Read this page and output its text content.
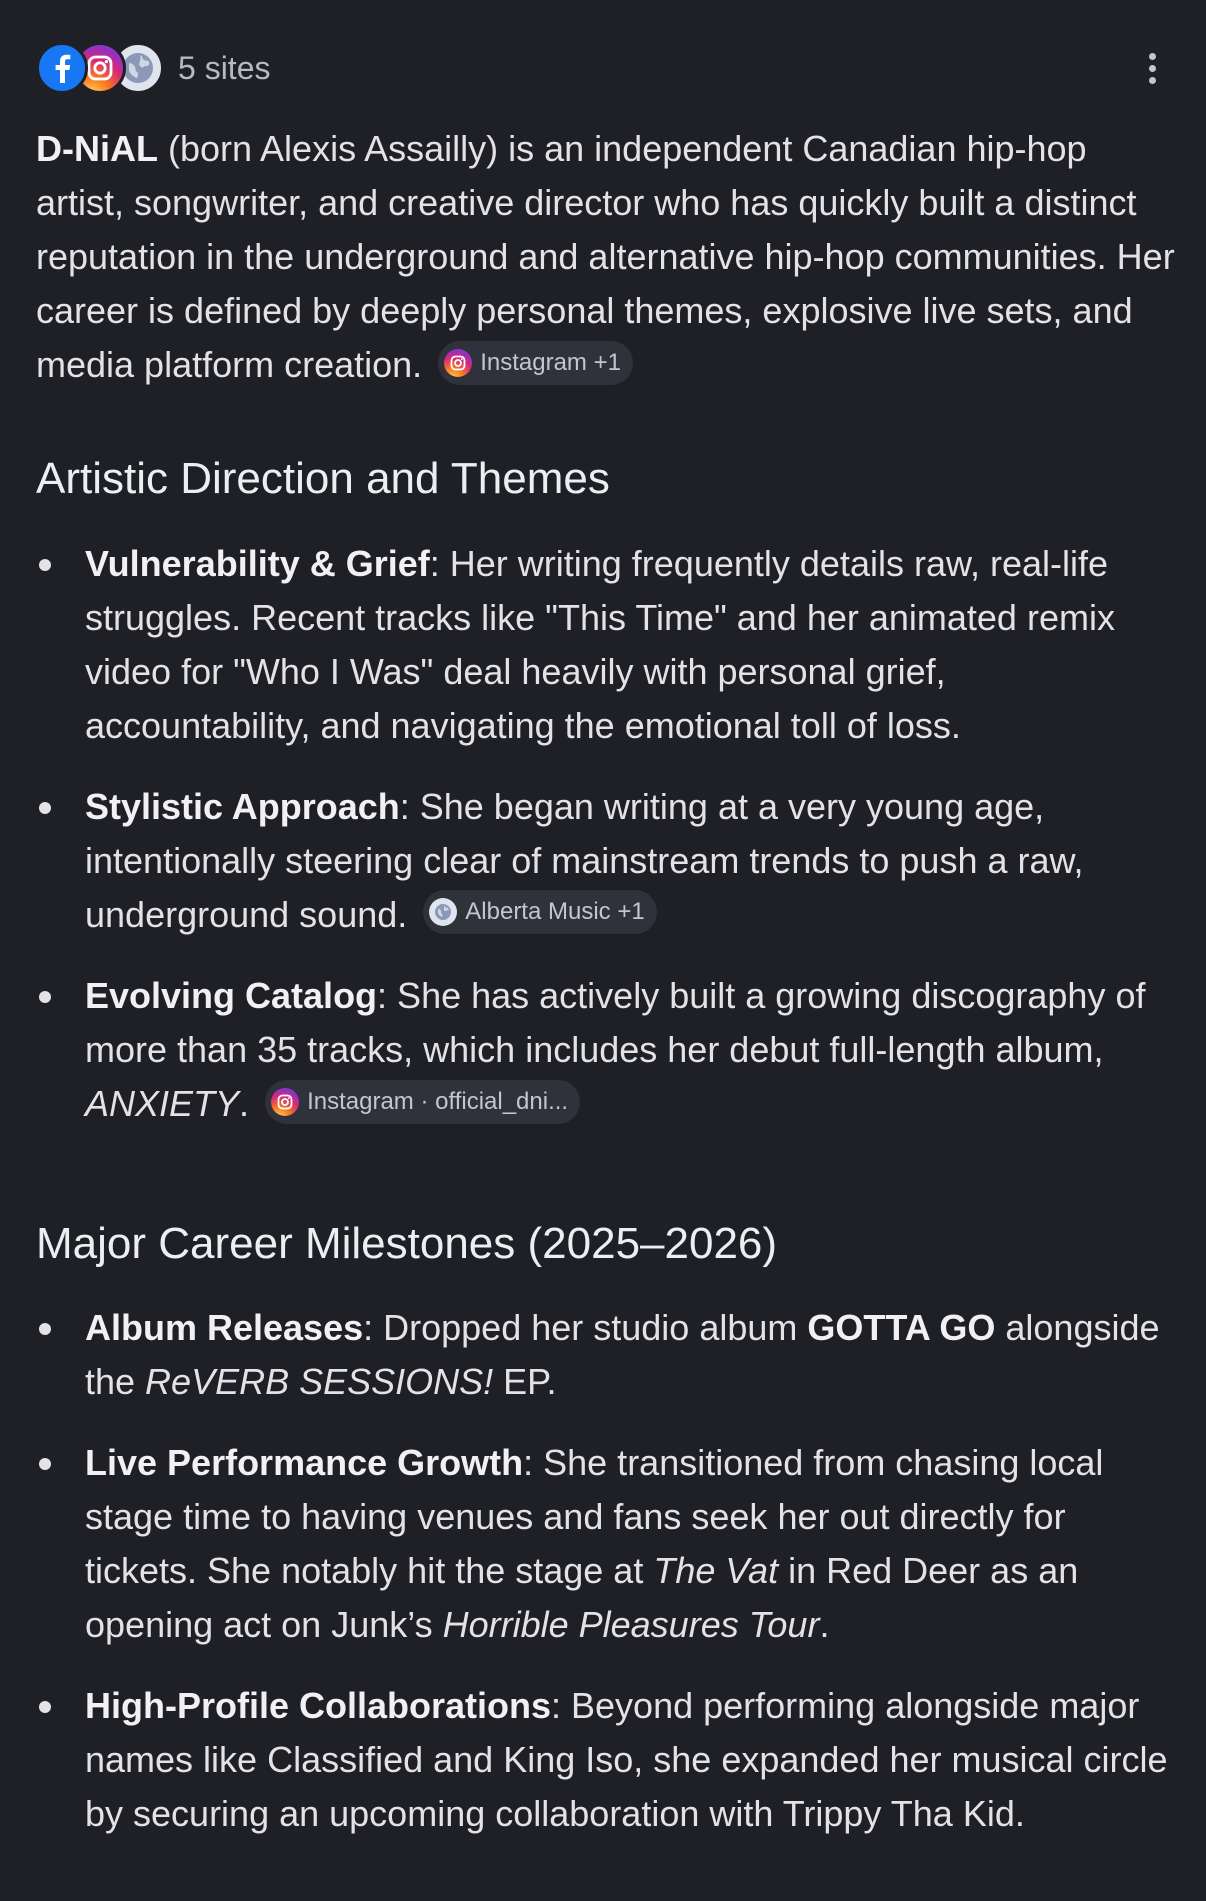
5 sites

D-NiAL (born Alexis Assailly) is an independent Canadian hip-hop artist, songwriter, and creative director who has quickly built a distinct reputation in the underground and alternative hip-hop communities. Her career is defined by deeply personal themes, explosive live sets, and media platform creation. Instagram +1

Artistic Direction and Themes
Vulnerability & Grief: Her writing frequently details raw, real-life struggles. Recent tracks like "This Time" and her animated remix video for "Who I Was" deal heavily with personal grief, accountability, and navigating the emotional toll of loss.
Stylistic Approach: She began writing at a very young age, intentionally steering clear of mainstream trends to push a raw, underground sound. Alberta Music +1
Evolving Catalog: She has actively built a growing discography of more than 35 tracks, which includes her debut full-length album, ANXIETY. Instagram · official_dni...
Major Career Milestones (2025–2026)
Album Releases: Dropped her studio album GOTTA GO alongside the ReVERB SESSIONS! EP.
Live Performance Growth: She transitioned from chasing local stage time to having venues and fans seek her out directly for tickets. She notably hit the stage at The Vat in Red Deer as an opening act on Junk’s Horrible Pleasures Tour.
High-Profile Collaborations: Beyond performing alongside major names like Classified and King Iso, she expanded her musical circle by securing an upcoming collaboration with Trippy Tha Kid.
